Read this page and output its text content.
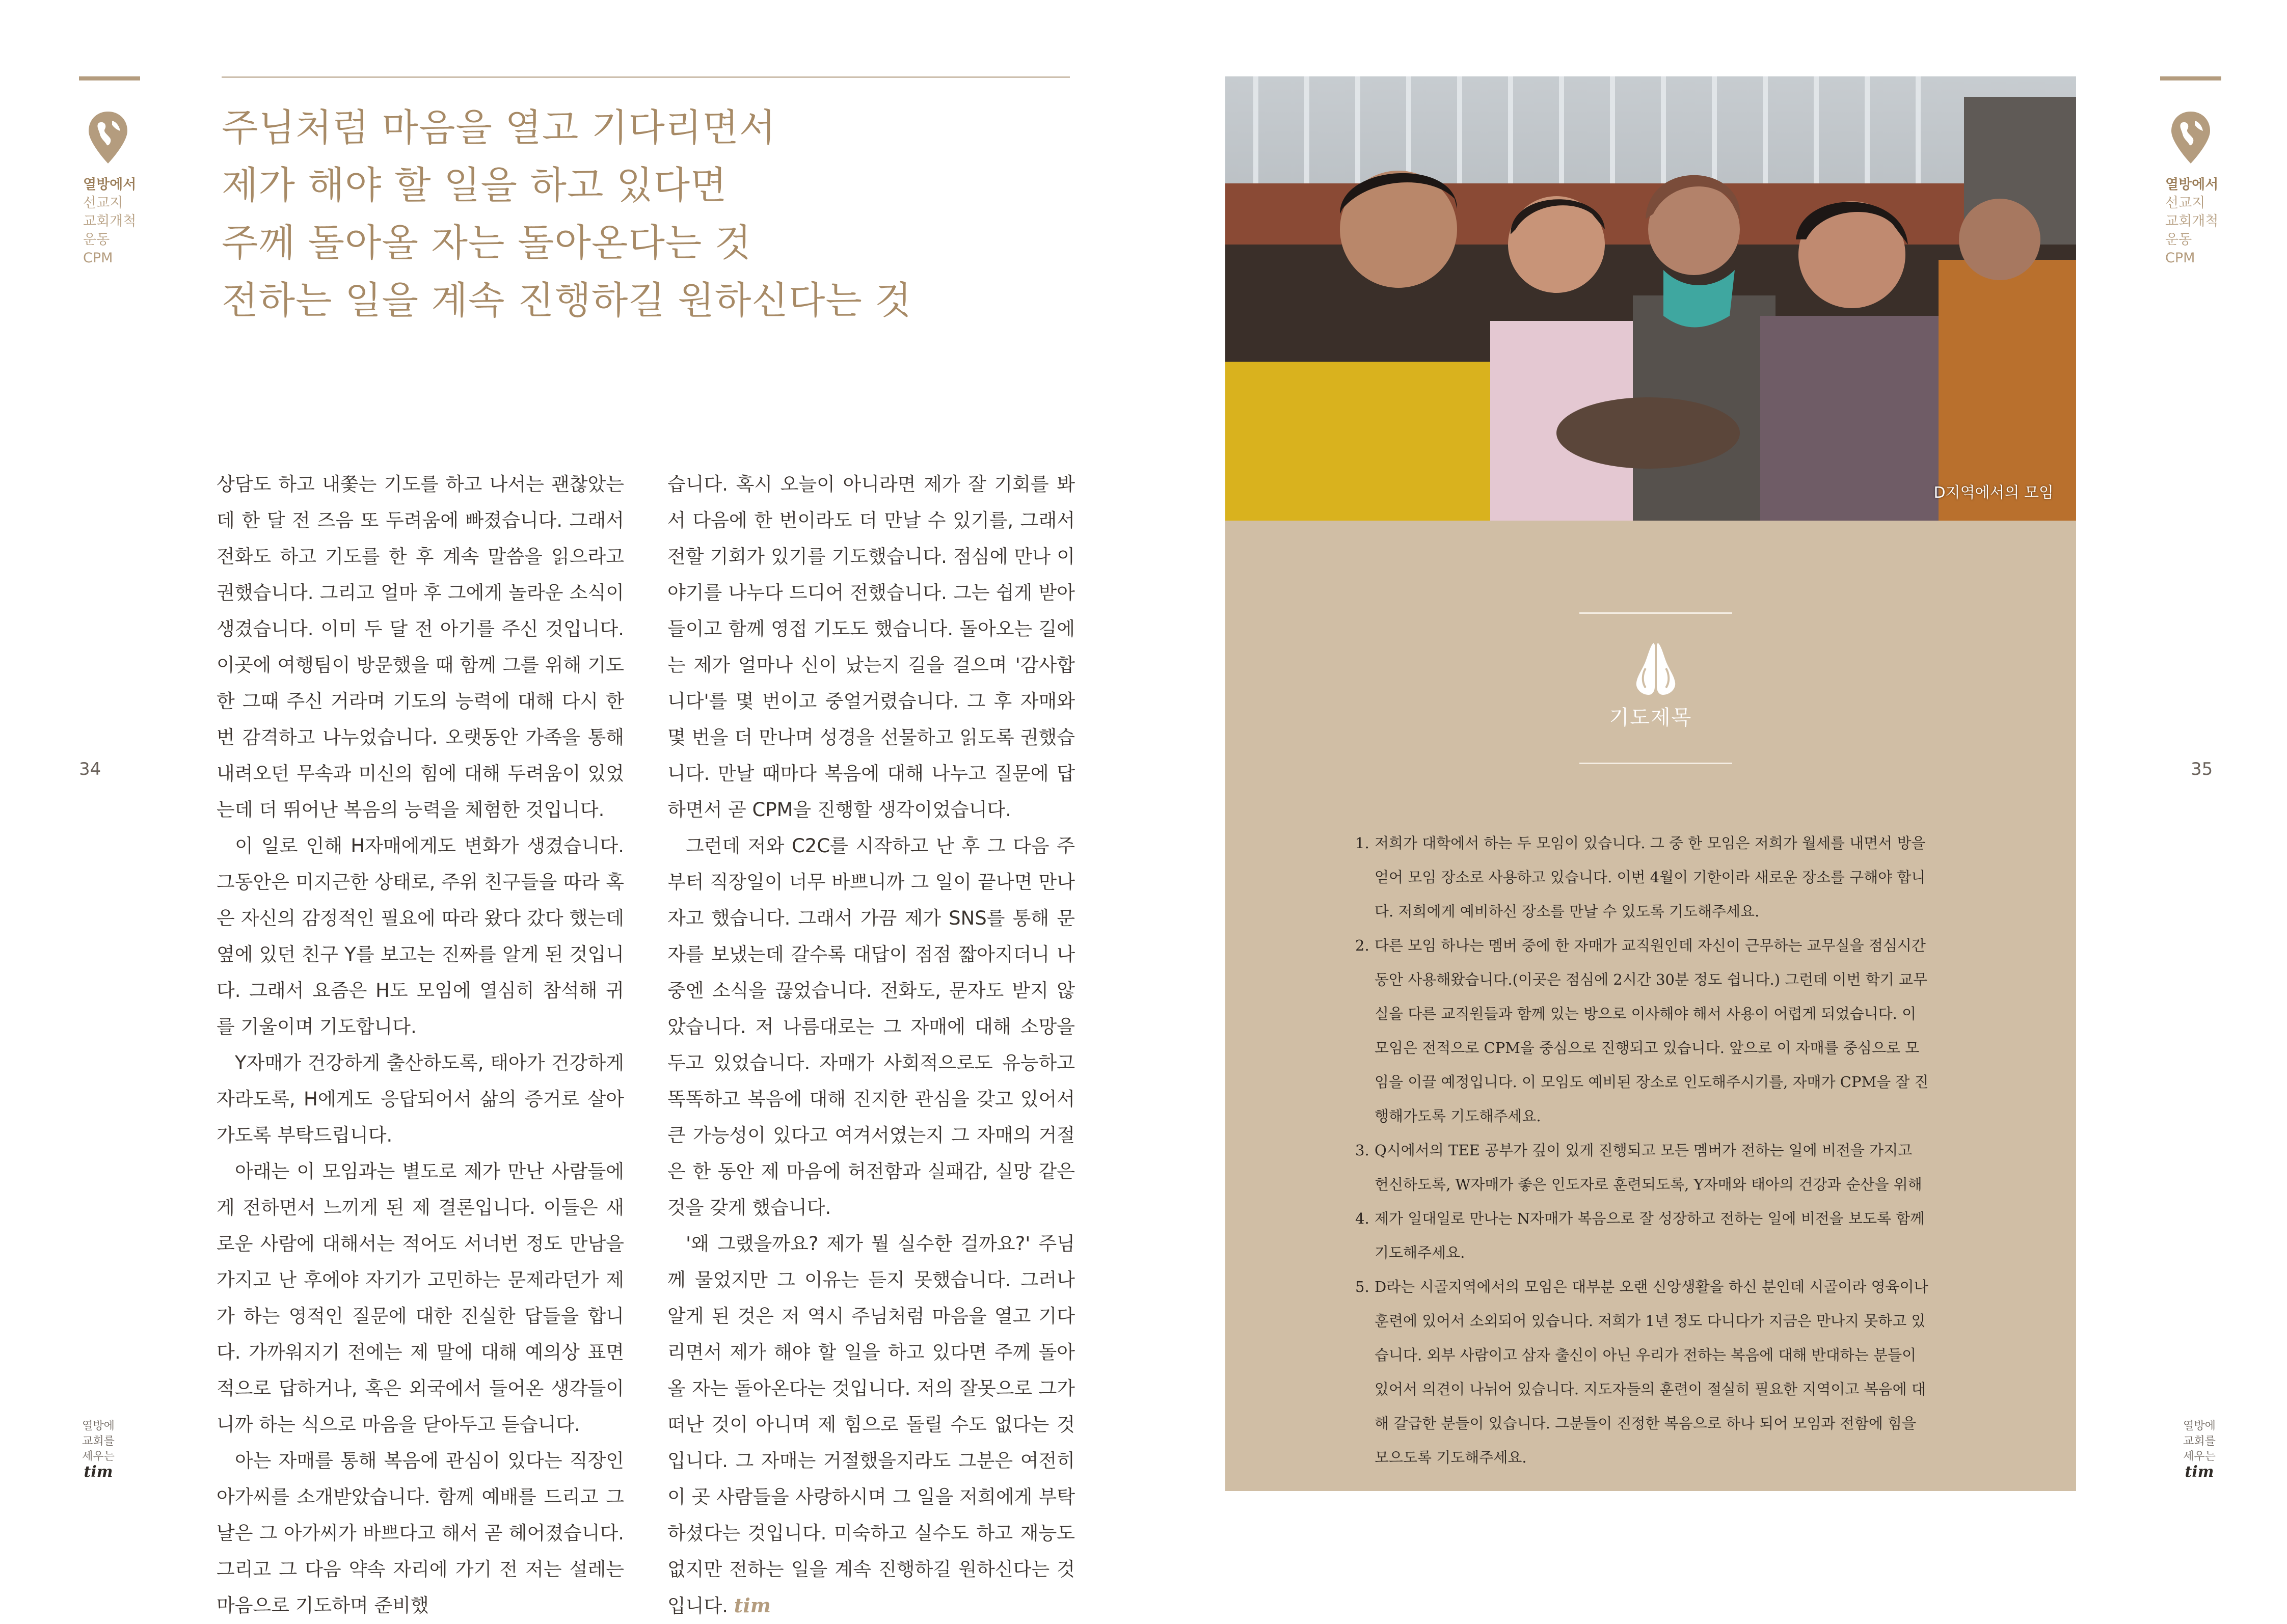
열방에서
선교지
교회개척
운동
CPM
34
열방에
교회를
세우는
tim
주님처럼 마음을 열고 기다리면서
제가 해야 할 일을 하고 있다면
주께 돌아올 자는 돌아온다는 것
전하는 일을 계속 진행하길 원하신다는 것

상담도 하고 내쫓는 기도를 하고 나서는 괜찮았는데 한 달 전 즈음 또 두려움에 빠졌습니다. 그래서 전화도 하고 기도를 한 후 계속 말씀을 읽으라고 권했습니다. 그리고 얼마 후 그에게 놀라운 소식이 생겼습니다. 이미 두 달 전 아기를 주신 것입니다. 이곳에 여행팀이 방문했을 때 함께 그를 위해 기도한 그때 주신 거라며 기도의 능력에 대해 다시 한번 감격하고 나누었습니다. 오랫동안 가족을 통해 내려오던 무속과 미신의 힘에 대해 두려움이 있었는데 더 뛰어난 복음의 능력을 체험한 것입니다.

이 일로 인해 H자매에게도 변화가 생겼습니다. 그동안은 미지근한 상태로, 주위 친구들을 따라 혹은 자신의 감정적인 필요에 따라 왔다 갔다 했는데 옆에 있던 친구 Y를 보고는 진짜를 알게 된 것입니다. 그래서 요즘은 H도 모임에 열심히 참석해 귀를 기울이며 기도합니다.

Y자매가 건강하게 출산하도록, 태아가 건강하게 자라도록, H에게도 응답되어서 삶의 증거로 살아가도록 부탁드립니다.

아래는 이 모임과는 별도로 제가 만난 사람들에게 전하면서 느끼게 된 제 결론입니다. 이들은 새로운 사람에 대해서는 적어도 서너번 정도 만남을 가지고 난 후에야 자기가 고민하는 문제라던가 제가 하는 영적인 질문에 대한 진실한 답들을 합니다. 가까워지기 전에는 제 말에 대해 예의상 표면적으로 답하거나, 혹은 외국에서 들어온 생각들이니까 하는 식으로 마음을 닫아두고 듣습니다.

아는 자매를 통해 복음에 관심이 있다는 직장인 아가씨를 소개받았습니다. 함께 예배를 드리고 그날은 그 아가씨가 바쁘다고 해서 곧 헤어졌습니다. 그리고 그 다음 약속 자리에 가기 전 저는 설레는 마음으로 기도하며 준비했

습니다. 혹시 오늘이 아니라면 제가 잘 기회를 봐서 다음에 한 번이라도 더 만날 수 있기를, 그래서 전할 기회가 있기를 기도했습니다. 점심에 만나 이야기를 나누다 드디어 전했습니다. 그는 쉽게 받아들이고 함께 영접 기도도 했습니다. 돌아오는 길에는 제가 얼마나 신이 났는지 길을 걸으며 '감사합니다'를 몇 번이고 중얼거렸습니다. 그 후 자매와 몇 번을 더 만나며 성경을 선물하고 읽도록 권했습니다. 만날 때마다 복음에 대해 나누고 질문에 답하면서 곧 CPM을 진행할 생각이었습니다.

그런데 저와 C2C를 시작하고 난 후 그 다음 주부터 직장일이 너무 바쁘니까 그 일이 끝나면 만나자고 했습니다. 그래서 가끔 제가 SNS를 통해 문자를 보냈는데 갈수록 대답이 점점 짧아지더니 나중엔 소식을 끊었습니다. 전화도, 문자도 받지 않았습니다. 저 나름대로는 그 자매에 대해 소망을 두고 있었습니다. 자매가 사회적으로도 유능하고 똑똑하고 복음에 대해 진지한 관심을 갖고 있어서 큰 가능성이 있다고 여겨서였는지 그 자매의 거절은 한 동안 제 마음에 허전함과 실패감, 실망 같은 것을 갖게 했습니다.

'왜 그랬을까요? 제가 뭘 실수한 걸까요?' 주님께 물었지만 그 이유는 듣지 못했습니다. 그러나 알게 된 것은 저 역시 주님처럼 마음을 열고 기다리면서 제가 해야 할 일을 하고 있다면 주께 돌아올 자는 돌아온다는 것입니다. 저의 잘못으로 그가 떠난 것이 아니며 제 힘으로 돌릴 수도 없다는 것입니다. 그 자매는 거절했을지라도 그분은 여전히 이 곳 사람들을 사랑하시며 그 일을 저희에게 부탁하셨다는 것입니다. 미숙하고 실수도 하고 재능도 없지만 전하는 일을 계속 진행하길 원하신다는 것입니다. tim

D지역에서의 모임
기도제목
1. 저희가 대학에서 하는 두 모임이 있습니다. 그 중 한 모임은 저희가 월세를 내면서 방을 얻어 모임 장소로 사용하고 있습니다. 이번 4월이 기한이라 새로운 장소를 구해야 합니다. 저희에게 예비하신 장소를 만날 수 있도록 기도해주세요.
2. 다른 모임 하나는 멤버 중에 한 자매가 교직원인데 자신이 근무하는 교무실을 점심시간 동안 사용해왔습니다.(이곳은 점심에 2시간 30분 정도 쉽니다.) 그런데 이번 학기 교무실을 다른 교직원들과 함께 있는 방으로 이사해야 해서 사용이 어렵게 되었습니다. 이 모임은 전적으로 CPM을 중심으로 진행되고 있습니다. 앞으로 이 자매를 중심으로 모임을 이끌 예정입니다. 이 모임도 예비된 장소로 인도해주시기를, 자매가 CPM을 잘 진행해가도록 기도해주세요.
3. Q시에서의 TEE 공부가 깊이 있게 진행되고 모든 멤버가 전하는 일에 비전을 가지고 헌신하도록, W자매가 좋은 인도자로 훈련되도록, Y자매와 태아의 건강과 순산을 위해
4. 제가 일대일로 만나는 N자매가 복음으로 잘 성장하고 전하는 일에 비전을 보도록 함께 기도해주세요.
5. D라는 시골지역에서의 모임은 대부분 오랜 신앙생활을 하신 분인데 시골이라 영육이나 훈련에 있어서 소외되어 있습니다. 저희가 1년 정도 다니다가 지금은 만나지 못하고 있습니다. 외부 사람이고 삼자 출신이 아닌 우리가 전하는 복음에 대해 반대하는 분들이 있어서 의견이 나뉘어 있습니다. 지도자들의 훈련이 절실히 필요한 지역이고 복음에 대해 갈급한 분들이 있습니다. 그분들이 진정한 복음으로 하나 되어 모임과 전함에 힘을 모으도록 기도해주세요.
열방에서
선교지
교회개척
운동
CPM
35
열방에
교회를
세우는
tim
